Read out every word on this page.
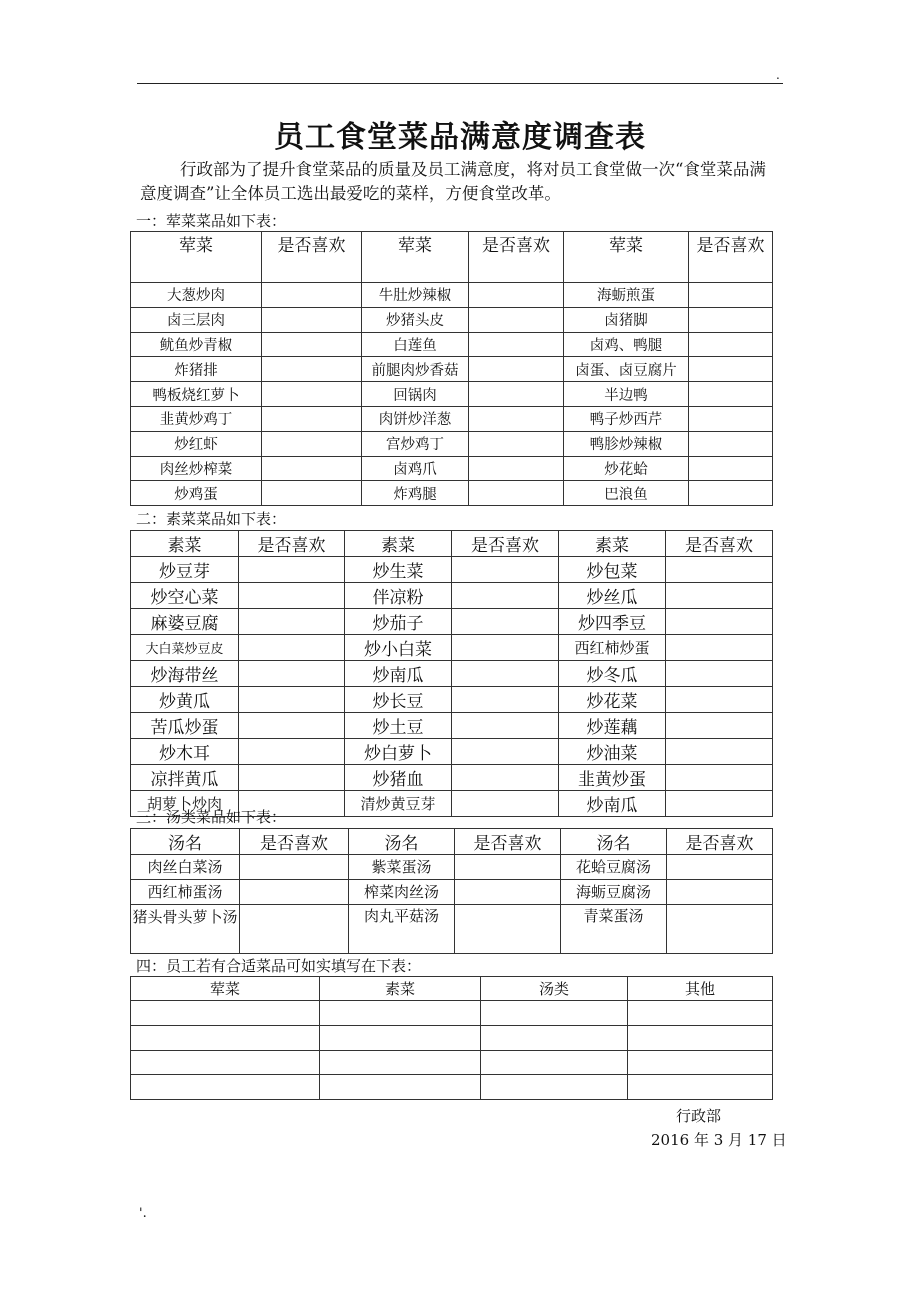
.
员工食堂菜品满意度调查表

行政部为了提升食堂菜品的质量及员工满意度，将对员工食堂做一次“食堂菜品满意度调查”让全体员工选出最爱吃的菜样，方便食堂改革。

一：荤菜菜品如下表：

荤菜	是否喜欢	荤菜	是否喜欢	荤菜	是否喜欢
大葱炒肉		牛肚炒辣椒		海蛎煎蛋	
卤三层肉		炒猪头皮		卤猪脚	
鱿鱼炒青椒		白莲鱼		卤鸡、鸭腿	
炸猪排		前腿肉炒香菇		卤蛋、卤豆腐片	
鸭板烧红萝卜		回锅肉		半边鸭	
韭黄炒鸡丁		肉饼炒洋葱		鸭子炒西芹	
炒红虾		宫炒鸡丁		鸭胗炒辣椒	
肉丝炒榨菜		卤鸡爪		炒花蛤	
炒鸡蛋		炸鸡腿		巴浪鱼	

二：素菜菜品如下表：

素菜	是否喜欢	素菜	是否喜欢	素菜	是否喜欢
炒豆芽		炒生菜		炒包菜	
炒空心菜		伴凉粉		炒丝瓜	
麻婆豆腐		炒茄子		炒四季豆	
大白菜炒豆皮		炒小白菜		西红柿炒蛋	
炒海带丝		炒南瓜		炒冬瓜	
炒黄瓜		炒长豆		炒花菜	
苦瓜炒蛋		炒土豆		炒莲藕	
炒木耳		炒白萝卜		炒油菜	
凉拌黄瓜		炒猪血		韭黄炒蛋	
胡萝卜炒肉		清炒黄豆芽		炒南瓜	

三：汤类菜品如下表：

汤名	是否喜欢	汤名	是否喜欢	汤名	是否喜欢
肉丝白菜汤		紫菜蛋汤		花蛤豆腐汤	
西红柿蛋汤		榨菜肉丝汤		海蛎豆腐汤	
猪头骨头萝卜汤		肉丸平菇汤		青菜蛋汤	

四：员工若有合适菜品可如实填写在下表：

荤菜	素菜	汤类	其他

行政部

2016 年 3 月 17 日

'.
